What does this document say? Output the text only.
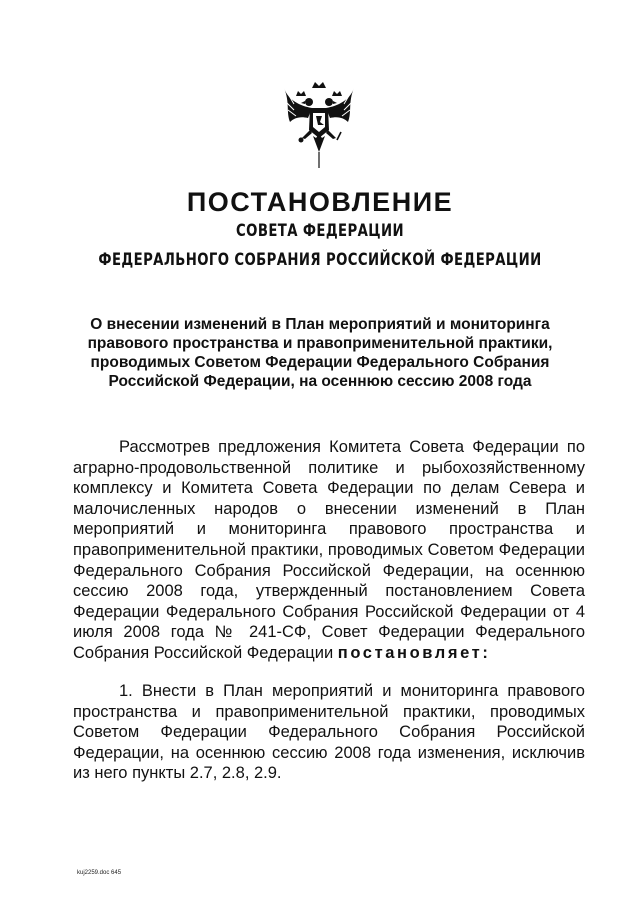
ПОСТАНОВЛЕНИЕ
СОВЕТА ФЕДЕРАЦИИ
ФЕДЕРАЛЬНОГО СОБРАНИЯ РОССИЙСКОЙ ФЕДЕРАЦИИ
О внесении изменений в План мероприятий и мониторинга правового пространства и правоприменительной практики, проводимых Советом Федерации Федерального Собрания Российской Федерации, на осеннюю сессию 2008 года
Рассмотрев предложения Комитета Совета Федерации по аграрно-продовольственной политике и рыбохозяйственному комплексу и Комитета Совета Федерации по делам Севера и малочисленных народов о внесении изменений в План мероприятий и мониторинга правового пространства и правоприменительной практики, проводимых Советом Федерации Федерального Собрания Российской Федерации, на осеннюю сессию 2008 года, утвержденный постановлением Совета Федерации Федерального Собрания Российской Федерации от 4 июля 2008 года № 241-СФ, Совет Федерации Федерального Собрания Российской Федерации постановляет:
1. Внести в План мероприятий и мониторинга правового пространства и правоприменительной практики, проводимых Советом Федерации Федерального Собрания Российской Федерации, на осеннюю сессию 2008 года изменения, исключив из него пункты 2.7, 2.8, 2.9.
kuj2259.doc 645
